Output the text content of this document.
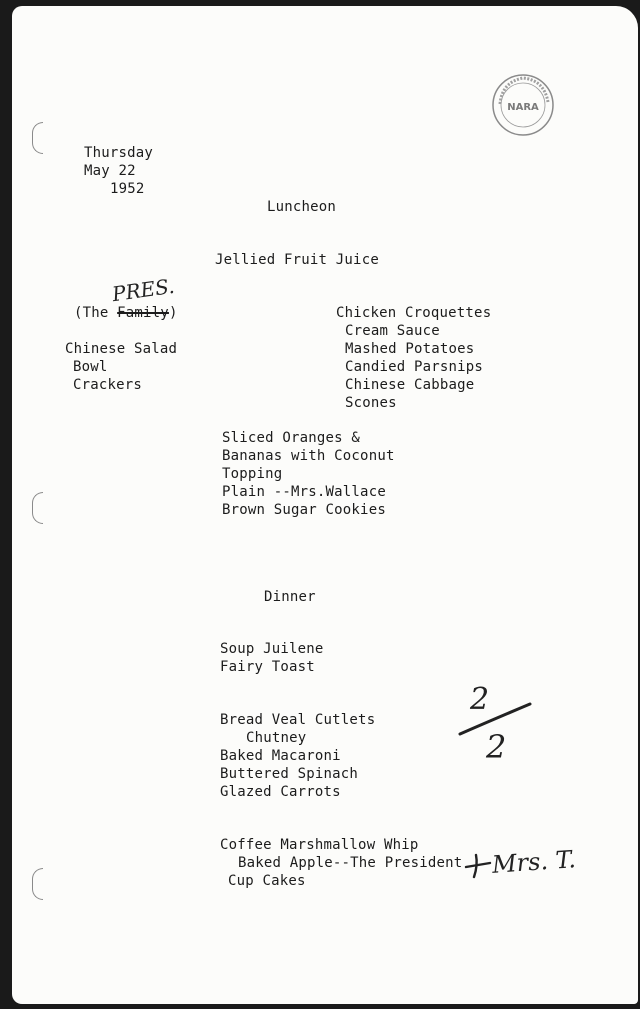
NARA
Thursday
May 22
1952
Luncheon
Jellied Fruit Juice
PRES.
(The Family)
Chinese Salad
Bowl
Crackers
Chicken Croquettes
Cream Sauce
Mashed Potatoes
Candied Parsnips
Chinese Cabbage
Scones
Sliced Oranges &
Bananas with Coconut
Topping
Plain --Mrs.Wallace
Brown Sugar Cookies
Dinner
Soup Juilene
Fairy Toast
Bread Veal Cutlets
Chutney
Baked Macaroni
Buttered Spinach
Glazed Carrots
2
2
Coffee Marshmallow Whip
Baked Apple--The President
Cup Cakes
Mrs. T.
